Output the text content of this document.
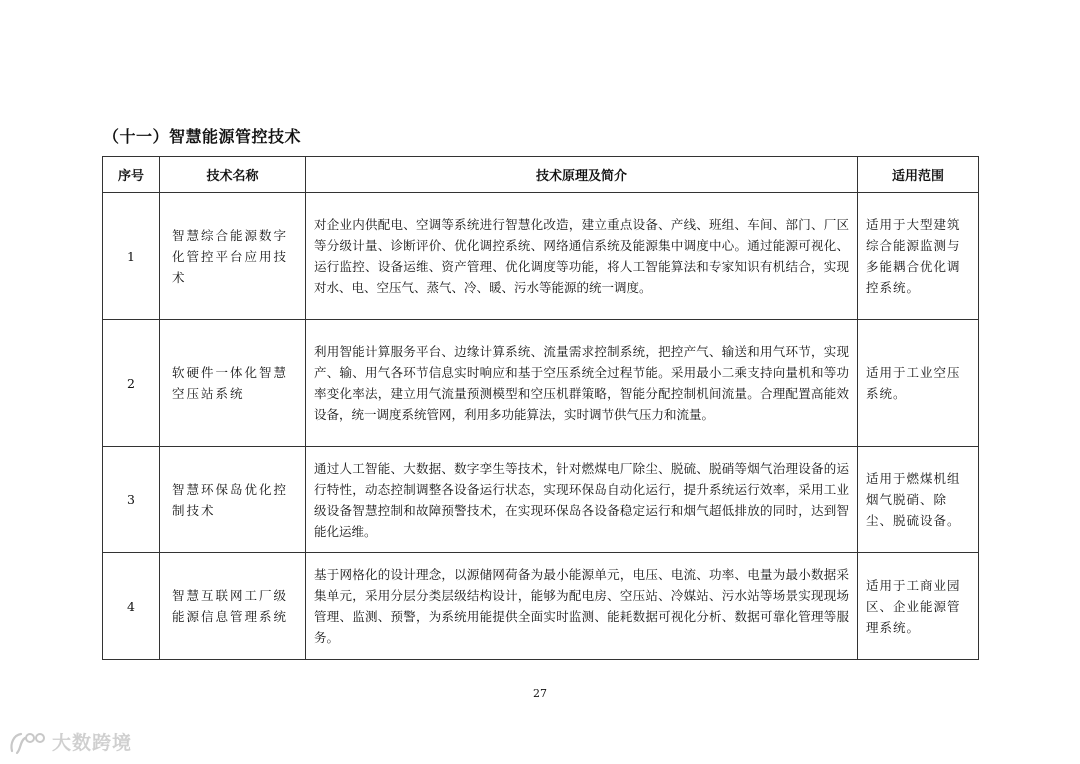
（十一）智慧能源管控技术
序号	技术名称	技术原理及简介	适用范围
1	智慧综合能源数字化管控平台应用技术	对企业内供配电、空调等系统进行智慧化改造，建立重点设备、产线、班组、车间、部门、厂区等分级计量、诊断评价、优化调控系统、网络通信系统及能源集中调度中心。通过能源可视化、运行监控、设备运维、资产管理、优化调度等功能，将人工智能算法和专家知识有机结合，实现对水、电、空压气、蒸气、冷、暖、污水等能源的统一调度。	适用于大型建筑综合能源监测与多能耦合优化调控系统。
2	软硬件一体化智慧空压站系统	利用智能计算服务平台、边缘计算系统、流量需求控制系统，把控产气、输送和用气环节，实现产、输、用气各环节信息实时响应和基于空压系统全过程节能。采用最小二乘支持向量机和等功率变化率法，建立用气流量预测模型和空压机群策略，智能分配控制机间流量。合理配置高能效设备，统一调度系统管网，利用多功能算法，实时调节供气压力和流量。	适用于工业空压系统。
3	智慧环保岛优化控制技术	通过人工智能、大数据、数字孪生等技术，针对燃煤电厂除尘、脱硫、脱硝等烟气治理设备的运行特性，动态控制调整各设备运行状态，实现环保岛自动化运行，提升系统运行效率，采用工业级设备智慧控制和故障预警技术，在实现环保岛各设备稳定运行和烟气超低排放的同时，达到智能化运维。	适用于燃煤机组烟气脱硝、除尘、脱硫设备。
4	智慧互联网工厂级能源信息管理系统	基于网格化的设计理念，以源储网荷备为最小能源单元，电压、电流、功率、电量为最小数据采集单元，采用分层分类层级结构设计，能够为配电房、空压站、冷媒站、污水站等场景实现现场管理、监测、预警，为系统用能提供全面实时监测、能耗数据可视化分析、数据可靠化管理等服务。	适用于工商业园区、企业能源管理系统。
27
大数跨境
